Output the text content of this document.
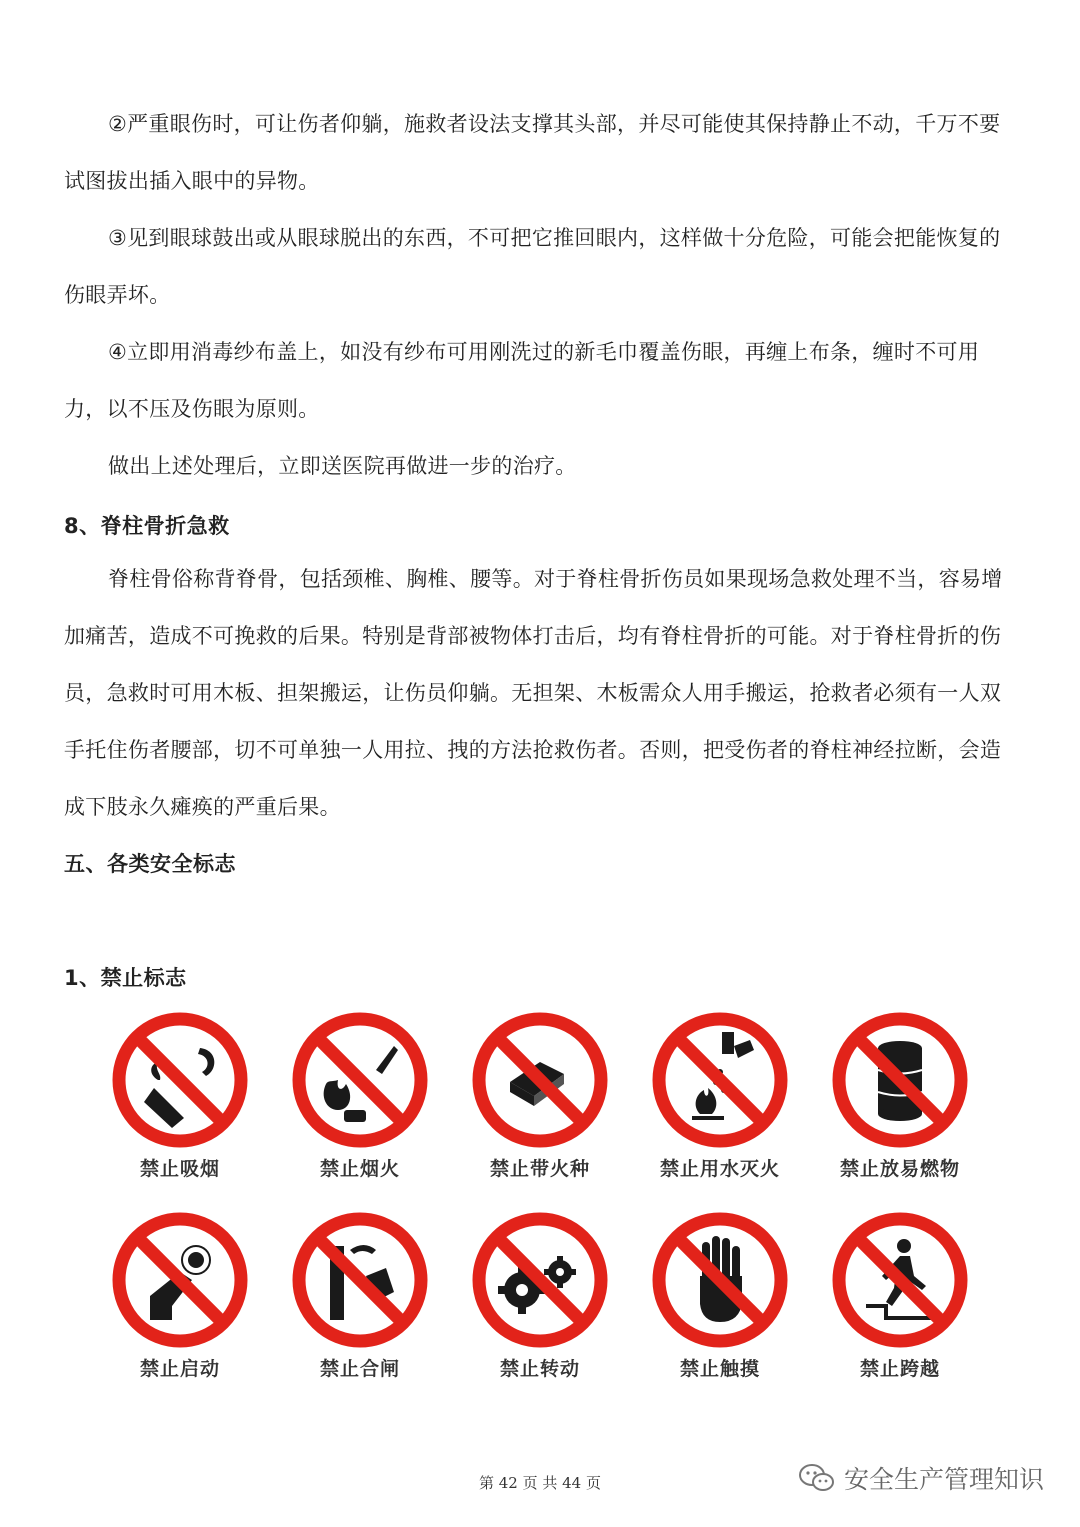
②严重眼伤时，可让伤者仰躺，施救者设法支撑其头部，并尽可能使其保持静止不动，千万不要试图拔出插入眼中的异物。

③见到眼球鼓出或从眼球脱出的东西，不可把它推回眼内，这样做十分危险，可能会把能恢复的伤眼弄坏。

④立即用消毒纱布盖上，如没有纱布可用刚洗过的新毛巾覆盖伤眼，再缠上布条，缠时不可用力，以不压及伤眼为原则。

做出上述处理后，立即送医院再做进一步的治疗。

8、脊柱骨折急救

脊柱骨俗称背脊骨，包括颈椎、胸椎、腰等。对于脊柱骨折伤员如果现场急救处理不当，容易增加痛苦，造成不可挽救的后果。特别是背部被物体打击后，均有脊柱骨折的可能。对于脊柱骨折的伤员，急救时可用木板、担架搬运，让伤员仰躺。无担架、木板需众人用手搬运，抢救者必须有一人双手托住伤者腰部，切不可单独一人用拉、拽的方法抢救伤者。否则，把受伤者的脊柱神经拉断，会造成下肢永久瘫痪的严重后果。

五、各类安全标志
1、禁止标志
禁止吸烟	禁止烟火	禁止带火种	禁止用水灭火	禁止放易燃物
禁止启动	禁止合闸	禁止转动	禁止触摸	禁止跨越
第 42 页 共 44 页	安全生产管理知识
